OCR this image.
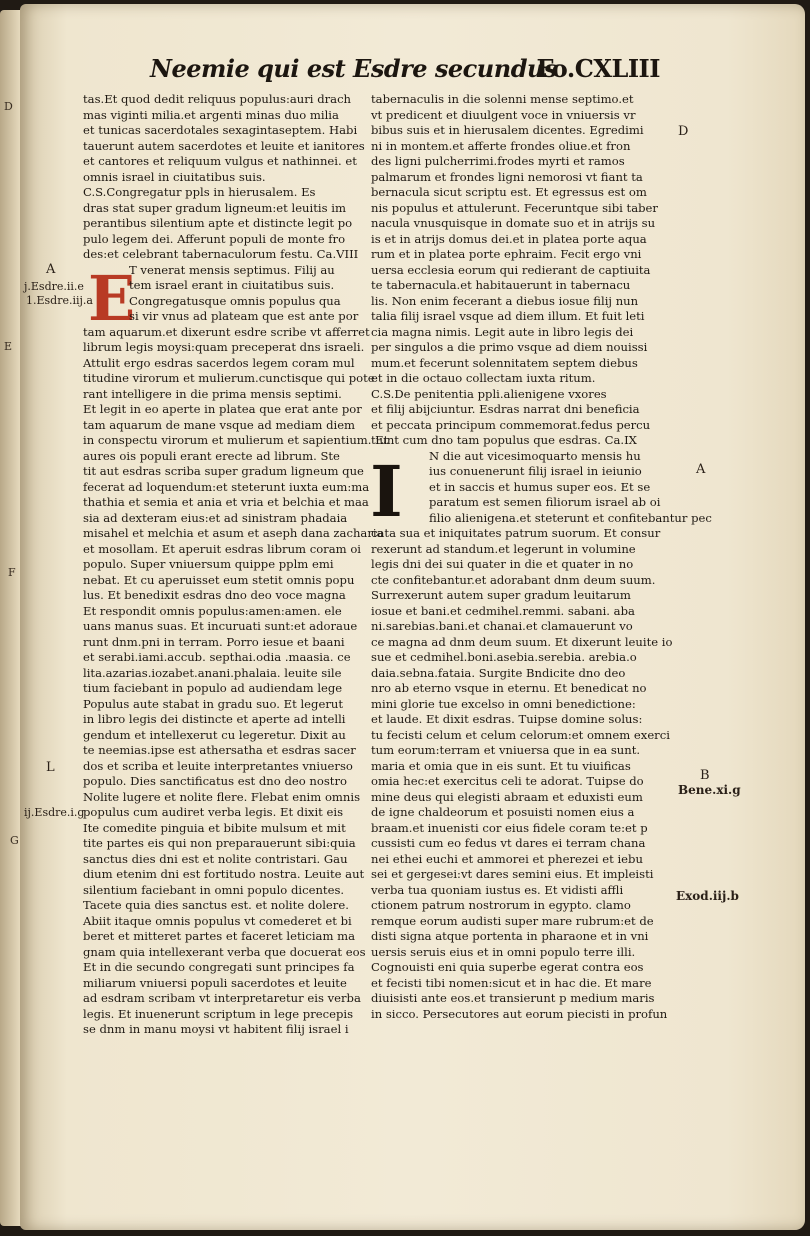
Neemie qui est Esdre secundus
Fo.CXLIII
D
E
F
G
A
j.Esdre.ii.e
1.Esdre.iij.a
L
ij.Esdre.i.g
D
A
B
Bene.xi.g
Exod.iij.b
E
I

tas.Et quod dedit reliquus populus:auri drach

mas viginti milia.et argenti minas duo milia

et tunicas sacerdotales sexagintaseptem. Habi

tauerunt autem sacerdotes et leuite et ianitores

et cantores et reliquum vulgus et nathinnei. et

omnis israel in ciuitatibus suis.

C.S.Congregatur ppls in hierusalem. Es

dras stat super gradum ligneum:et leuitis im

perantibus silentium apte et distincte legit po

pulo legem dei. Afferunt populi de monte fro

des:et celebrant tabernaculorum festu. Ca.VIII

T venerat mensis septimus. Filij au

tem israel erant in ciuitatibus suis.

Congregatusque omnis populus qua

si vir vnus ad plateam que est ante por

tam aquarum.et dixerunt esdre scribe vt afferret

librum legis moysi:quam preceperat dns israeli.

Attulit ergo esdras sacerdos legem coram mul

titudine virorum et mulierum.cunctisque qui pote

rant intelligere in die prima mensis septimi.

Et legit in eo aperte in platea que erat ante por

tam aquarum de mane vsque ad mediam diem

in conspectu virorum et mulierum et sapientium. Et

aures ois populi erant erecte ad librum. Ste

tit aut esdras scriba super gradum ligneum que

fecerat ad loquendum:et steterunt iuxta eum:ma

thathia et semia et ania et vria et belchia et maa

sia ad dexteram eius:et ad sinistram phadaia

misahel et melchia et asum et aseph dana zacharia

et mosollam. Et aperuit esdras librum coram oi

populo. Super vniuersum quippe pplm emi

nebat. Et cu aperuisset eum stetit omnis popu

lus. Et benedixit esdras dno deo voce magna

Et respondit omnis populus:amen:amen. ele

uans manus suas. Et incuruati sunt:et adoraue

runt dnm.pni in terram. Porro iesue et baani

et serabi.iami.accub. septhai.odia .maasia. ce

lita.azarias.iozabet.anani.phalaia. leuite sile

tium faciebant in populo ad audiendam lege

Populus aute stabat in gradu suo. Et legerut

in libro legis dei distincte et aperte ad intelli

gendum et intellexerut cu legeretur. Dixit au

te neemias.ipse est athersatha et esdras sacer

dos et scriba et leuite interpretantes vniuerso

populo. Dies sanctificatus est dno deo nostro

Nolite lugere et nolite flere. Flebat enim omnis

populus cum audiret verba legis. Et dixit eis

Ite comedite pinguia et bibite mulsum et mit

tite partes eis qui non preparauerunt sibi:quia

sanctus dies dni est et nolite contristari. Gau

dium etenim dni est fortitudo nostra. Leuite aut

silentium faciebant in omni populo dicentes.

Tacete quia dies sanctus est. et nolite dolere.

Abiit itaque omnis populus vt comederet et bi

beret et mitteret partes et faceret leticiam ma

gnam quia intellexerant verba que docuerat eos

Et in die secundo congregati sunt principes fa

miliarum vniuersi populi sacerdotes et leuite

ad esdram scribam vt interpretaretur eis verba

legis. Et inuenerunt scriptum in lege precepis

se dnm in manu moysi vt habitent filij israel i

tabernaculis in die solenni mense septimo.et

vt predicent et diuulgent voce in vniuersis vr

bibus suis et in hierusalem dicentes. Egredimi

ni in montem.et afferte frondes oliue.et fron

des ligni pulcherrimi.frodes myrti et ramos

palmarum et frondes ligni nemorosi vt fiant ta

bernacula sicut scriptu est. Et egressus est om

nis populus et attulerunt. Feceruntque sibi taber

nacula vnusquisque in domate suo et in atrijs su

is et in atrijs domus dei.et in platea porte aqua

rum et in platea porte ephraim. Fecit ergo vni

uersa ecclesia eorum qui redierant de captiuita

te tabernacula.et habitauerunt in tabernacu

lis. Non enim fecerant a diebus iosue filij nun

talia filij israel vsque ad diem illum. Et fuit leti

cia magna nimis. Legit aute in libro legis dei

per singulos a die primo vsque ad diem nouissi

mum.et fecerunt solennitatem septem diebus

et in die octauo collectam iuxta ritum.

C.S.De penitentia ppli.alienigene vxores

et filij abijciuntur. Esdras narrat dni beneficia

et peccata principum commemorat.fedus percu

tiunt cum dno tam populus que esdras. Ca.IX

N die aut vicesimoquarto mensis hu

ius conuenerunt filij israel in ieiunio

et in saccis et humus super eos. Et se

paratum est semen filiorum israel ab oi

filio alienigena.et steterunt et confitebantur pec

cata sua et iniquitates patrum suorum. Et consur

rexerunt ad standum.et legerunt in volumine

legis dni dei sui quater in die et quater in no

cte confitebantur.et adorabant dnm deum suum.

Surrexerunt autem super gradum leuitarum

iosue et bani.et cedmihel.remmi. sabani. aba

ni.sarebias.bani.et chanai.et clamauerunt vo

ce magna ad dnm deum suum. Et dixerunt leuite io

sue et cedmihel.boni.asebia.serebia. arebia.o

daia.sebna.fataia. Surgite Bndicite dno deo

nro ab eterno vsque in eternu. Et benedicat no

mini glorie tue excelso in omni benedictione:

et laude. Et dixit esdras. Tuipse domine solus:

tu fecisti celum et celum celorum:et omnem exerci

tum eorum:terram et vniuersa que in ea sunt.

maria et omia que in eis sunt. Et tu viuificas

omia hec:et exercitus celi te adorat. Tuipse do

mine deus qui elegisti abraam et eduxisti eum

de igne chaldeorum et posuisti nomen eius a

braam.et inuenisti cor eius fidele coram te:et p

cussisti cum eo fedus vt dares ei terram chana

nei ethei euchi et ammorei et pherezei et iebu

sei et gergesei:vt dares semini eius. Et impleisti

verba tua quoniam iustus es. Et vidisti affli

ctionem patrum nostrorum in egypto. clamo

remque eorum audisti super mare rubrum:et de

disti signa atque portenta in pharaone et in vni

uersis seruis eius et in omni populo terre illi.

Cognouisti eni quia superbe egerat contra eos

et fecisti tibi nomen:sicut et in hac die. Et mare

diuisisti ante eos.et transierunt p medium maris

in sicco. Persecutores aut eorum piecisti in profun
